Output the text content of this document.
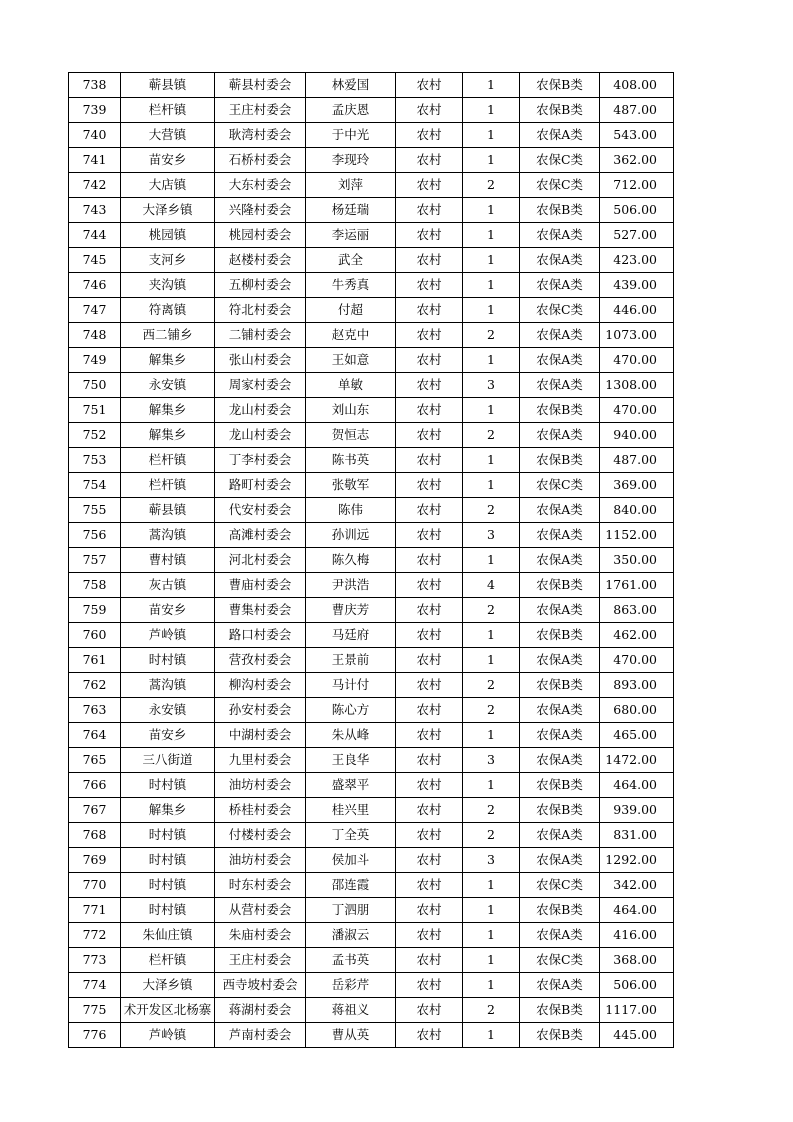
738	蕲县镇	蕲县村委会	林爱国	农村	1	农保B类	408.00
739	栏杆镇	王庄村委会	孟庆恩	农村	1	农保B类	487.00
740	大营镇	耿湾村委会	于中光	农村	1	农保A类	543.00
741	苗安乡	石桥村委会	李现玲	农村	1	农保C类	362.00
742	大店镇	大东村委会	刘萍	农村	2	农保C类	712.00
743	大泽乡镇	兴隆村委会	杨廷瑞	农村	1	农保B类	506.00
744	桃园镇	桃园村委会	李运丽	农村	1	农保A类	527.00
745	支河乡	赵楼村委会	武全	农村	1	农保A类	423.00
746	夹沟镇	五柳村委会	牛秀真	农村	1	农保A类	439.00
747	符离镇	符北村委会	付超	农村	1	农保C类	446.00
748	西二铺乡	二铺村委会	赵克中	农村	2	农保A类	1073.00
749	解集乡	张山村委会	王如意	农村	1	农保A类	470.00
750	永安镇	周家村委会	单敏	农村	3	农保A类	1308.00
751	解集乡	龙山村委会	刘山东	农村	1	农保B类	470.00
752	解集乡	龙山村委会	贺恒志	农村	2	农保A类	940.00
753	栏杆镇	丁李村委会	陈书英	农村	1	农保B类	487.00
754	栏杆镇	路町村委会	张敬军	农村	1	农保C类	369.00
755	蕲县镇	代安村委会	陈伟	农村	2	农保A类	840.00
756	蒿沟镇	高滩村委会	孙训远	农村	3	农保A类	1152.00
757	曹村镇	河北村委会	陈久梅	农村	1	农保A类	350.00
758	灰古镇	曹庙村委会	尹洪浩	农村	4	农保B类	1761.00
759	苗安乡	曹集村委会	曹庆芳	农村	2	农保A类	863.00
760	芦岭镇	路口村委会	马廷府	农村	1	农保B类	462.00
761	时村镇	营孜村委会	王景前	农村	1	农保A类	470.00
762	蒿沟镇	柳沟村委会	马计付	农村	2	农保B类	893.00
763	永安镇	孙安村委会	陈心方	农村	2	农保A类	680.00
764	苗安乡	中湖村委会	朱从峰	农村	1	农保A类	465.00
765	三八街道	九里村委会	王良华	农村	3	农保A类	1472.00
766	时村镇	油坊村委会	盛翠平	农村	1	农保B类	464.00
767	解集乡	桥桂村委会	桂兴里	农村	2	农保B类	939.00
768	时村镇	付楼村委会	丁全英	农村	2	农保A类	831.00
769	时村镇	油坊村委会	侯加斗	农村	3	农保A类	1292.00
770	时村镇	时东村委会	邵连霞	农村	1	农保C类	342.00
771	时村镇	从营村委会	丁泗朋	农村	1	农保B类	464.00
772	朱仙庄镇	朱庙村委会	潘淑云	农村	1	农保A类	416.00
773	栏杆镇	王庄村委会	孟书英	农村	1	农保C类	368.00
774	大泽乡镇	西寺坡村委会	岳彩芹	农村	1	农保A类	506.00
775	术开发区北杨寨	蒋湖村委会	蒋祖义	农村	2	农保B类	1117.00
776	芦岭镇	芦南村委会	曹从英	农村	1	农保B类	445.00
